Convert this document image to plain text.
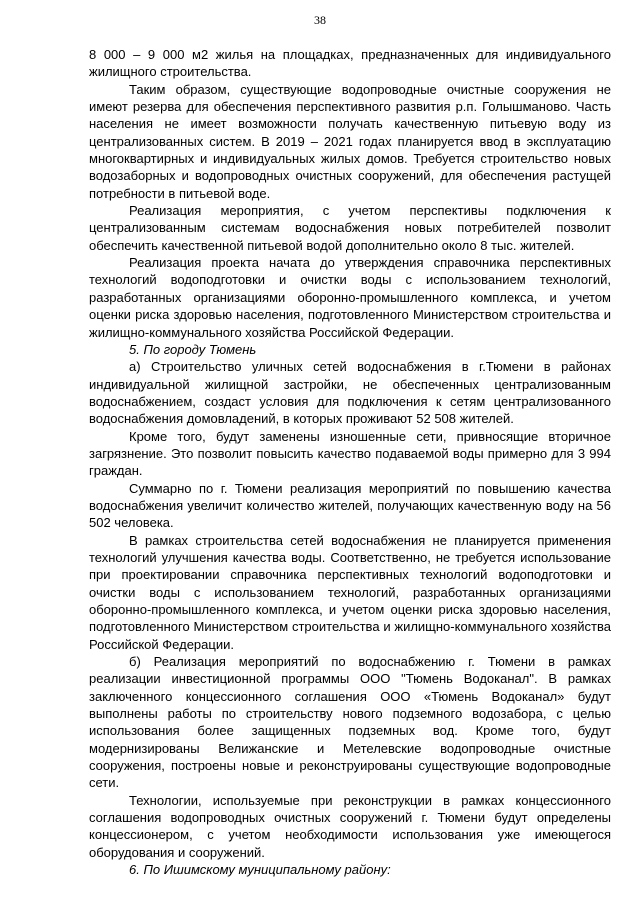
38

8 000 – 9 000 м2 жилья на площадках, предназначенных для индивидуального жилищного строительства.

Таким образом, существующие водопроводные очистные сооружения не имеют резерва для обеспечения перспективного развития р.п. Голышманово. Часть населения не имеет возможности получать качественную питьевую воду из централизованных систем. В 2019 – 2021 годах планируется ввод в эксплуатацию многоквартирных и индивидуальных жилых домов. Требуется строительство новых водозаборных и водопроводных очистных сооружений, для обеспечения растущей потребности в питьевой воде.

Реализация мероприятия, с учетом перспективы подключения к централизованным системам водоснабжения новых потребителей позволит обеспечить качественной питьевой водой дополнительно около 8 тыс. жителей.

Реализация проекта начата до утверждения справочника перспективных технологий водоподготовки и очистки воды с использованием технологий, разработанных организациями оборонно-промышленного комплекса, и учетом оценки риска здоровью населения, подготовленного Министерством строительства и жилищно-коммунального хозяйства Российской Федерации.

5. По городу Тюмень

а) Строительство уличных сетей водоснабжения в г.Тюмени в районах индивидуальной жилищной застройки, не обеспеченных централизованным водоснабжением, создаст условия для подключения к сетям централизованного водоснабжения домовладений, в которых проживают 52 508 жителей.

Кроме того, будут заменены изношенные сети, привносящие вторичное загрязнение. Это позволит повысить качество подаваемой воды примерно для 3 994 граждан.

Суммарно по г. Тюмени реализация мероприятий по повышению качества водоснабжения увеличит количество жителей, получающих качественную воду на 56 502 человека.

В рамках строительства сетей водоснабжения не планируется применения технологий улучшения качества воды. Соответственно, не требуется использование при проектировании справочника перспективных технологий водоподготовки и очистки воды с использованием технологий, разработанных организациями оборонно-промышленного комплекса, и учетом оценки риска здоровью населения, подготовленного Министерством строительства и жилищно-коммунального хозяйства Российской Федерации.

б) Реализация мероприятий по водоснабжению г. Тюмени в рамках реализации инвестиционной программы ООО "Тюмень Водоканал". В рамках заключенного концессионного соглашения ООО «Тюмень Водоканал» будут выполнены работы по строительству нового подземного водозабора, с целью использования более защищенных подземных вод. Кроме того, будут модернизированы Велижанские и Метелевские водопроводные очистные сооружения, построены новые и реконструированы существующие водопроводные сети.

Технологии, используемые при реконструкции в рамках концессионного соглашения водопроводных очистных сооружений г. Тюмени будут определены концессионером, с учетом необходимости использования уже имеющегося оборудования и сооружений.

6. По Ишимскому муниципальному району:
